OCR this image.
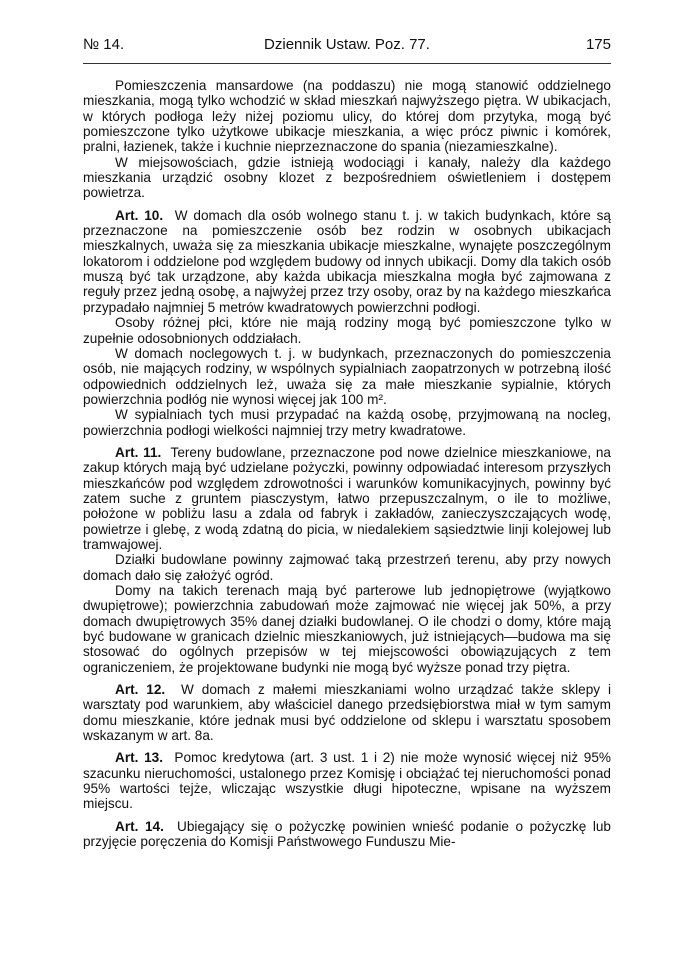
№ 14.	Dziennik Ustaw. Poz. 77.	175

Pomieszczenia mansardowe (na poddaszu) nie mogą stanowić oddzielnego mieszkania, mogą tylko wchodzić w skład mieszkań najwyższego piętra. W ubikacjach, w których podłoga leży niżej poziomu ulicy, do której dom przytyka, mogą być pomieszczone tylko użytkowe ubikacje mieszkania, a więc prócz piwnic i komórek, pralni, łazienek, także i kuchnie nieprzeznaczone do spania (niezamieszkalne).

W miejsowościach, gdzie istnieją wodociągi i kanały, należy dla każdego mieszkania urządzić osobny klozet z bezpośredniem oświetleniem i dostępem powietrza.

Art. 10. W domach dla osób wolnego stanu t. j. w takich budynkach, które są przeznaczone na pomieszczenie osób bez rodzin w osobnych ubikacjach mieszkalnych, uważa się za mieszkania ubikacje mieszkalne, wynajęte poszczególnym lokatorom i oddzielone pod względem budowy od innych ubikacji. Domy dla takich osób muszą być tak urządzone, aby każda ubikacja mieszkalna mogła być zajmowana z reguły przez jedną osobę, a najwyżej przez trzy osoby, oraz by na każdego mieszkańca przypadało najmniej 5 metrów kwadratowych powierzchni podłogi.

Osoby różnej płci, które nie mają rodziny mogą być pomieszczone tylko w zupełnie odosobnionych oddziałach.

W domach noclegowych t. j. w budynkach, przeznaczonych do pomieszczenia osób, nie mających rodziny, w wspólnych sypialniach zaopatrzonych w potrzebną ilość odpowiednich oddzielnych leż, uważa się za małe mieszkanie sypialnie, których powierzchnia podłóg nie wynosi więcej jak 100 m².

W sypialniach tych musi przypadać na każdą osobę, przyjmowaną na nocleg, powierzchnia podłogi wielkości najmniej trzy metry kwadratowe.

Art. 11. Tereny budowlane, przeznaczone pod nowe dzielnice mieszkaniowe, na zakup których mają być udzielane pożyczki, powinny odpowiadać interesom przyszłych mieszkańców pod względem zdrowotności i warunków komunikacyjnych, powinny być zatem suche z gruntem piasczystym, łatwo przepuszczalnym, o ile to możliwe, położone w pobliżu lasu a zdala od fabryk i zakładów, zanieczyszczających wodę, powietrze i glebę, z wodą zdatną do picia, w niedalekiem sąsiedztwie linji kolejowej lub tramwajowej.

Działki budowlane powinny zajmować taką przestrzeń terenu, aby przy nowych domach dało się założyć ogród.

Domy na takich terenach mają być parterowe lub jednopiętrowe (wyjątkowo dwupiętrowe); powierzchnia zabudowań może zajmować nie więcej jak 50%, a przy domach dwupiętrowych 35% danej działki budowlanej. O ile chodzi o domy, które mają być budowane w granicach dzielnic mieszkaniowych, już istniejących—budowa ma się stosować do ogólnych przepisów w tej miejscowości obowiązujących z tem ograniczeniem, że projektowane budynki nie mogą być wyższe ponad trzy piętra.

Art. 12. W domach z małemi mieszkaniami wolno urządzać także sklepy i warsztaty pod warunkiem, aby właściciel danego przedsiębiorstwa miał w tym samym domu mieszkanie, które jednak musi być oddzielone od sklepu i warsztatu sposobem wskazanym w art. 8a.

Art. 13. Pomoc kredytowa (art. 3 ust. 1 i 2) nie może wynosić więcej niż 95% szacunku nieruchomości, ustalonego przez Komisję i obciążać tej nieruchomości ponad 95% wartości tejże, wliczając wszystkie długi hipoteczne, wpisane na wyższem miejscu.

Art. 14. Ubiegający się o pożyczkę powinien wnieść podanie o pożyczkę lub przyjęcie poręczenia do Komisji Państwowego Funduszu Mie-
